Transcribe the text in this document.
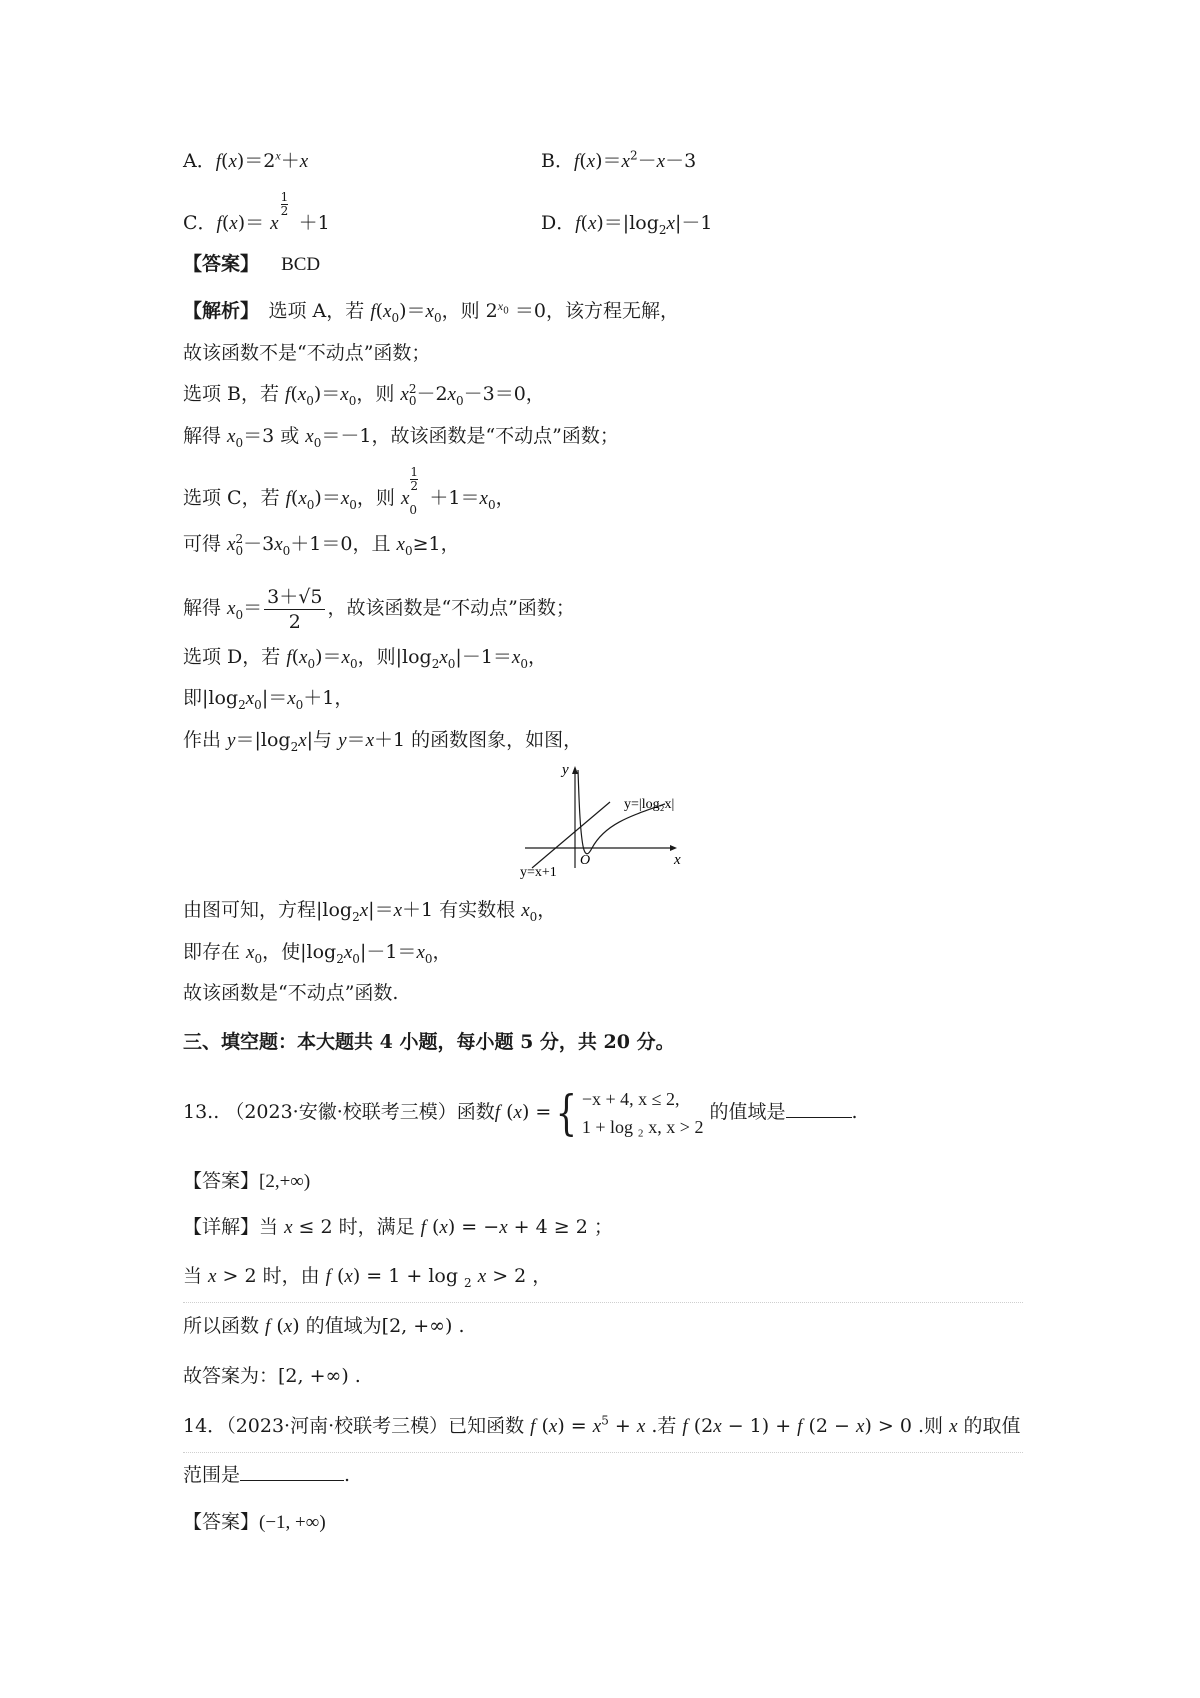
A．$f(x)=2^x+x$	B．$f(x)=x^2-x-3$
C．f(x)＝ x
$\frac{1}{2}$
＋1	D．$f(x)=|\log_2x|-1$
【答案】 BCD
【解析】　选项 A，若 $f(x_0)=x_0$，则 $2^{x_0} =0$，该方程无解，
故该函数不是“不动点”函数；
选项 B，若 $f(x_0)=x_0$，则 x 2
$0 -2x_0-3=0$，
解得 $x_0=3$ 或 $x_0=-1$，故该函数是“不动点”函数；
选项 C，若 $f(x_0)=x_0$，则 x
1
2
0
$+1=x_0$，
可得 x 2
$0 -3x_0+1=0$，且 $x_0\ge 1$，
解得 $x_0= \frac{3+√5}{2}$ ，故该函数是“不动点”函数；
选项 D，若 $f(x_0)=x_0$，则$|\log_2x_0|-1=x_0$，
即$|\log_2x_0|=x_0+1$，
作出 $y=|\log_2x|$与 y＝x＋1 的函数图象，如图，
y
x
O
y=|log₂x|
y=x+1
由图可知，方程$|\log_2x|=x+1$ 有实数根 $x_0$，
即存在 $x_0$，使$|\log_2x_0|-1=x_0$，
故该函数是“不动点”函数.
三、填空题：本大题共 4 小题，每小题 5 分，共 20 分。
13.. （2023·安徽·校联考三模）函数f (x) ={ −x + 4, x ≤ 2,
1 + log ₂ x, x > 2
的值域是	.
【答案】[2,+∞)
【详解】当 x ≤ 2 时，满足 f (x) = −x + 4 ≥ 2 ；
当 x > 2 时，由 f (x) = 1 + log $_2$ x > 2 ，
所以函数 f (x) 的值域为[2, +∞) .
故答案为：[2, +∞) .
14．（2023·河南·校联考三模）已知函数 f $(x) = x^5 + x$ .若 f (2x − 1) + f (2 − x) > 0 .则 x 的取值
范围是	.
【答案】(−1, +∞)
